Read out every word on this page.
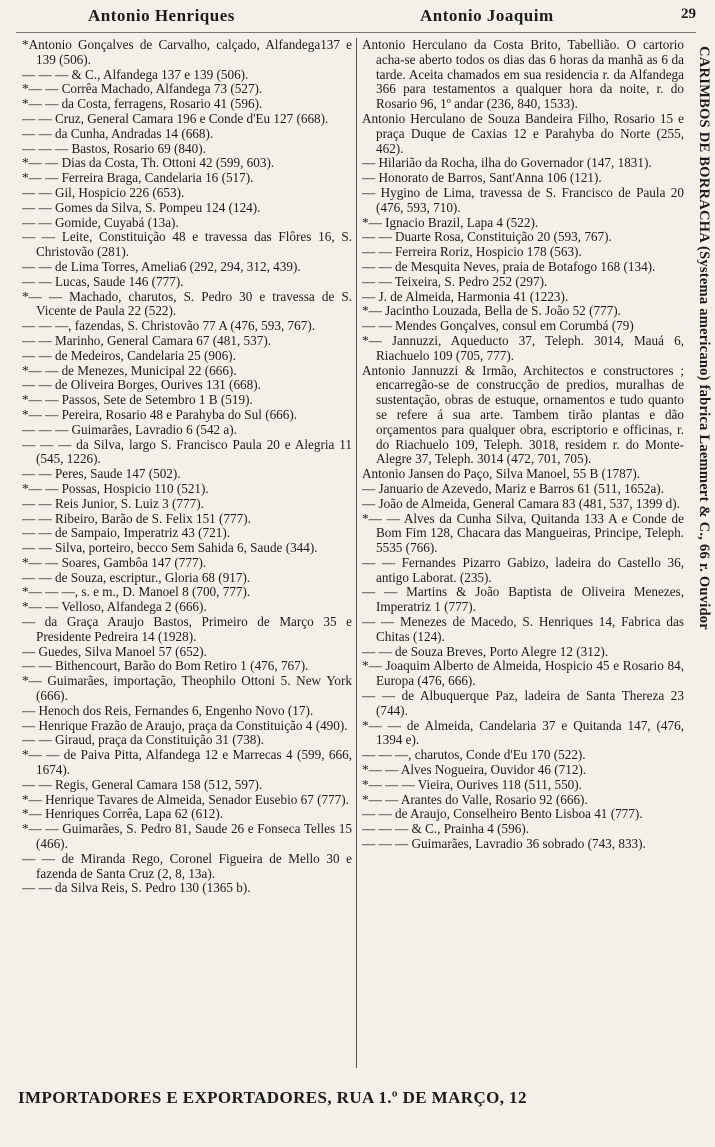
Antonio Henriques	Antonio Joaquim	29

*Antonio Gonçalves de Carvalho, calçado, Alfandega137 e 139 (506).

— — — & C., Alfandega 137 e 139 (506).

*— — Corrêa Machado, Alfandega 73 (527).

*— — da Costa, ferragens, Rosario 41 (596).

— — Cruz, General Camara 196 e Conde d'Eu 127 (668).

— — da Cunha, Andradas 14 (668).

— — — Bastos, Rosario 69 (840).

*— — Dias da Costa, Th. Ottoni 42 (599, 603).

*— — Ferreira Braga, Candelaria 16 (517).

— — Gil, Hospicio 226 (653).

— — Gomes da Silva, S. Pompeu 124 (124).

— — Gomide, Cuyabá (13a).

— — Leite, Constituição 48 e travessa das Flôres 16, S. Christovão (281).

— — de Lima Torres, Amelia6 (292, 294, 312, 439).

— — Lucas, Saude 146 (777).

*— — Machado, charutos, S. Pedro 30 e travessa de S. Vicente de Paula 22 (522).

— — —, fazendas, S. Christovão 77 A (476, 593, 767).

— — Marinho, General Camara 67 (481, 537).

— — de Medeiros, Candelaria 25 (906).

*— — de Menezes, Municipal 22 (666).

— — de Oliveira Borges, Ourives 131 (668).

*— — Passos, Sete de Setembro 1 B (519).

*— — Pereira, Rosario 48 e Parahyba do Sul (666).

— — — Guimarães, Lavradio 6 (542 a).

— — — da Silva, largo S. Francisco Paula 20 e Alegria 11 (545, 1226).

— — Peres, Saude 147 (502).

*— — Possas, Hospicio 110 (521).

— — Reis Junior, S. Luiz 3 (777).

— — Ribeiro, Barão de S. Felix 151 (777).

— — de Sampaio, Imperatriz 43 (721).

— — Silva, porteiro, becco Sem Sahida 6, Saude (344).

*— — Soares, Gambôa 147 (777).

— — de Souza, escriptur., Gloria 68 (917).

*— — —, s. e m., D. Manoel 8 (700, 777).

*— — Velloso, Alfandega 2 (666).

— da Graça Araujo Bastos, Primeiro de Março 35 e Presidente Pedreira 14 (1928).

— Guedes, Silva Manoel 57 (652).

— — Bithencourt, Barão do Bom Retiro 1 (476, 767).

*— Guimarães, importação, Theophilo Ottoni 5. New York (666).

— Henoch dos Reis, Fernandes 6, Engenho Novo (17).

— Henrique Frazão de Araujo, praça da Constituição 4 (490).

— — Giraud, praça da Constituição 31 (738).

*— — de Paiva Pitta, Alfandega 12 e Marrecas 4 (599, 666, 1674).

— — Regis, General Camara 158 (512, 597).

*— Henrique Tavares de Almeida, Senador Eusebio 67 (777).

*— Henriques Corrêa, Lapa 62 (612).

*— — Guimarães, S. Pedro 81, Saude 26 e Fonseca Telles 15 (466).

— — de Miranda Rego, Coronel Figueira de Mello 30 e fazenda de Santa Cruz (2, 8, 13a).

— — da Silva Reis, S. Pedro 130 (1365 b).

Antonio Herculano da Costa Brito, Tabellião. O cartorio acha-se aberto todos os dias das 6 horas da manhã as 6 da tarde. Aceita chamados em sua residencia r. da Alfandega 366 para testamentos a qualquer hora da noite, r. do Rosario 96, 1º andar (236, 840, 1533).

Antonio Herculano de Souza Bandeira Filho, Rosario 15 e praça Duque de Caxias 12 e Parahyba do Norte (255, 462).

— Hilarião da Rocha, ilha do Governador (147, 1831).

— Honorato de Barros, Sant'Anna 106 (121).

— Hygino de Lima, travessa de S. Francisco de Paula 20 (476, 593, 710).

*— Ignacio Brazil, Lapa 4 (522).

— — Duarte Rosa, Constituição 20 (593, 767).

— — Ferreira Roriz, Hospicio 178 (563).

— — de Mesquita Neves, praia de Botafogo 168 (134).

— — Teixeira, S. Pedro 252 (297).

— J. de Almeida, Harmonia 41 (1223).

*— Jacintho Louzada, Bella de S. João 52 (777).

— — Mendes Gonçalves, consul em Corumbá (79)

*— Jannuzzi, Aqueducto 37, Teleph. 3014, Mauá 6, Riachuelo 109 (705, 777).

Antonio Jannuzzi & Irmão, Architectos e constructores ; encarregão-se de construcção de predios, muralhas de sustentação, obras de estuque, ornamentos e tudo quanto se refere á sua arte. Tambem tirão plantas e dão orçamentos para qualquer obra, escriptorio e officinas, r. do Riachuelo 109, Teleph. 3018, residem r. do Monte-Alegre 37, Teleph. 3014 (472, 701, 705).

Antonio Jansen do Paço, Silva Manoel, 55 B (1787).

— Januario de Azevedo, Mariz e Barros 61 (511, 1652a).

— João de Almeida, General Camara 83 (481, 537, 1399 d).

*— — Alves da Cunha Silva, Quitanda 133 A e Conde de Bom Fim 128, Chacara das Mangueiras, Principe, Teleph. 5535 (766).

— — Fernandes Pizarro Gabizo, ladeira do Castello 36, antigo Laborat. (235).

— — Martins & João Baptista de Oliveira Menezes, Imperatriz 1 (777).

— — Menezes de Macedo, S. Henriques 14, Fabrica das Chitas (124).

— — de Souza Breves, Porto Alegre 12 (312).

*— Joaquim Alberto de Almeida, Hospicio 45 e Rosario 84, Europa (476, 666).

— — de Albuquerque Paz, ladeira de Santa Thereza 23 (744).

*— — de Almeida, Candelaria 37 e Quitanda 147, (476, 1394 e).

— — —, charutos, Conde d'Eu 170 (522).

*— — Alves Nogueira, Ouvidor 46 (712).

*— — — Vieira, Ourives 118 (511, 550).

*— — Arantes do Valle, Rosario 92 (666).

— — de Araujo, Conselheiro Bento Lisboa 41 (777).

— — — & C., Prainha 4 (596).

— — — Guimarães, Lavradio 36 sobrado (743, 833).

CARIMBOS DE BORRACHA (Systema americano) fabrica Laemmert & C., 66 r. Ouvidor
IMPORTADORES E EXPORTADORES, RUA 1.º DE MARÇO, 12
